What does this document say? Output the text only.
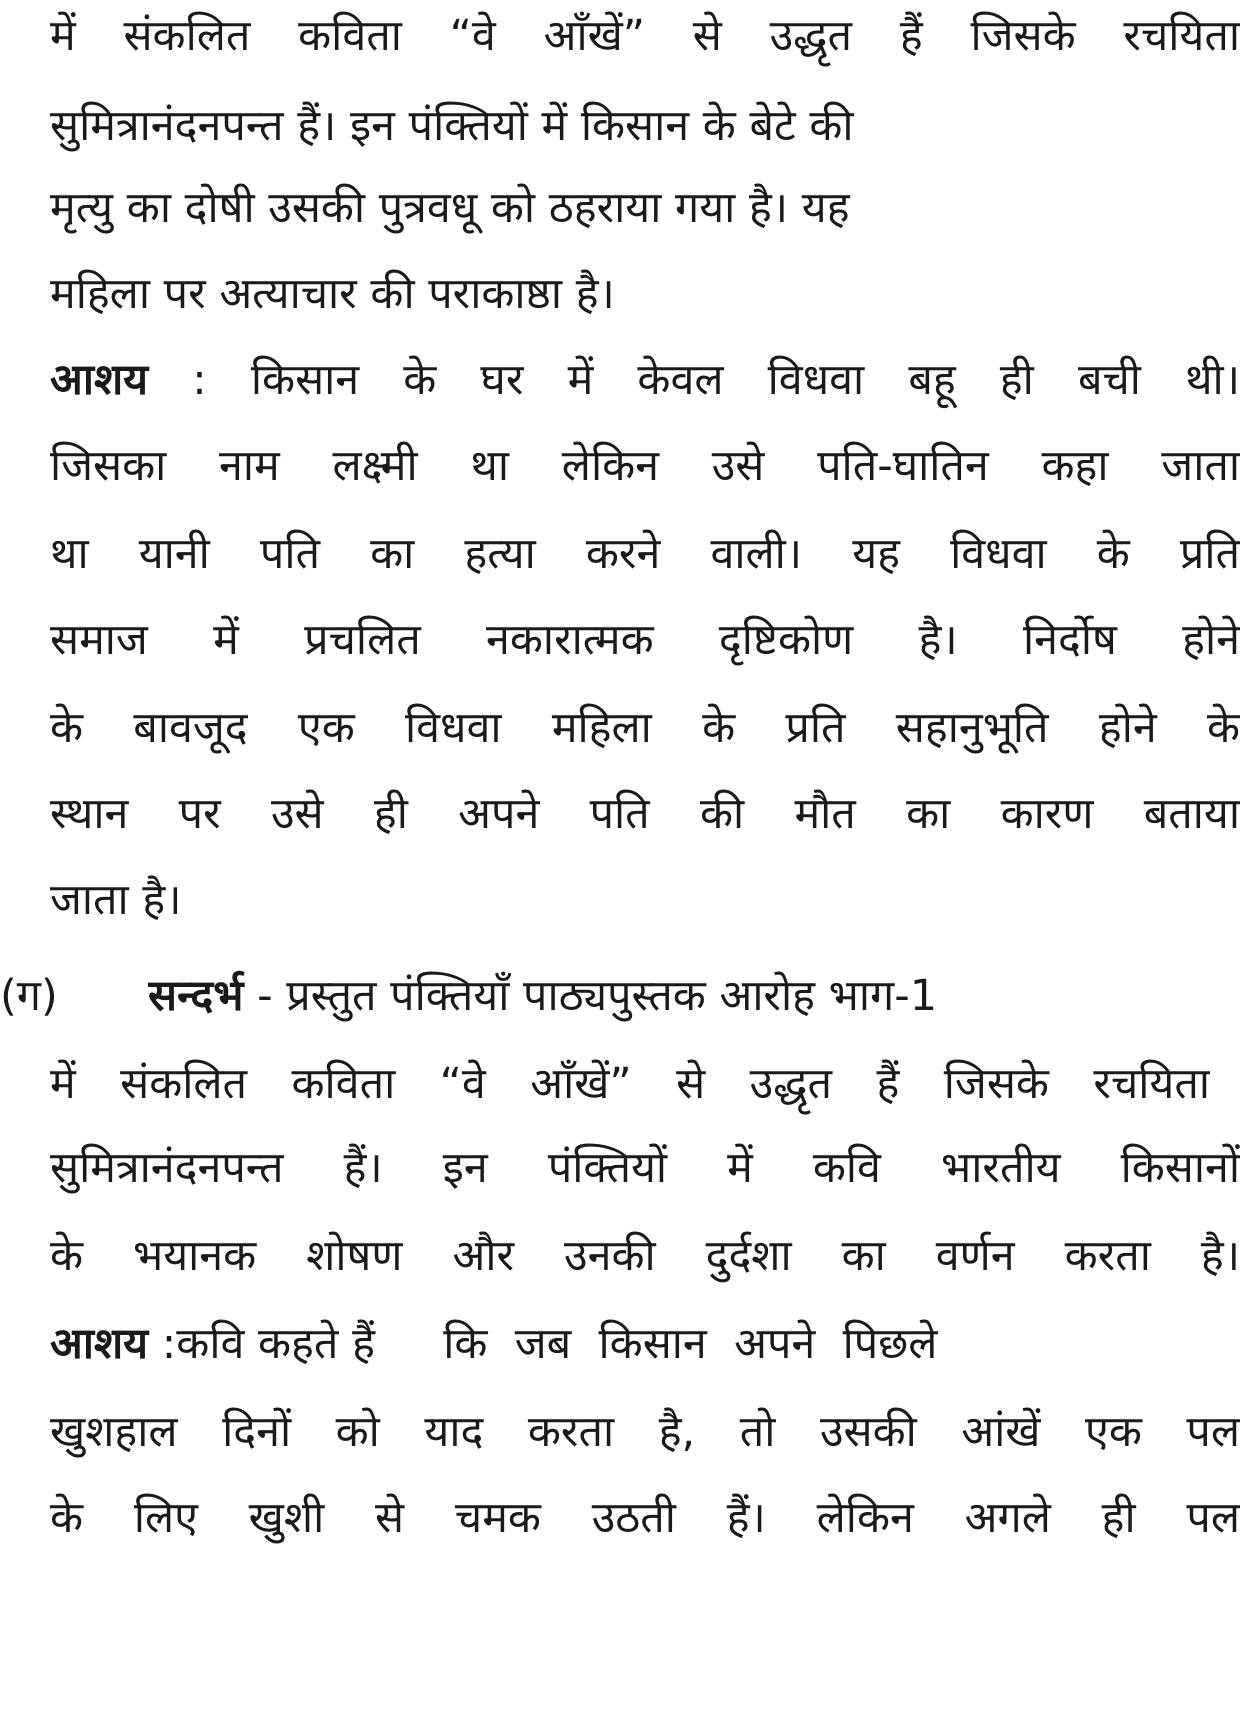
में संकलित कविता “वे आँखें” से उद्धृत हैं जिसके रचयिता
सुमित्रानंदनपन्त हैं। इन पंक्तियों में किसान के बेटे की
मृत्यु का दोषी उसकी पुत्रवधू को ठहराया गया है। यह
महिला पर अत्याचार की पराकाष्ठा है।
आशय : किसान के घर में केवल विधवा बहू ही बची थी।
जिसका नाम लक्ष्मी था लेकिन उसे पति-घातिन कहा जाता
था यानी पति का हत्या करने वाली। यह विधवा के प्रति
समाज में प्रचलित नकारात्मक दृष्टिकोण है। निर्दोष होने
के बावजूद एक विधवा महिला के प्रति सहानुभूति होने के
स्थान पर उसे ही अपने पति की मौत का कारण बताया
जाता है।
(ग) सन्दर्भ - प्रस्तुत पंक्तियाँ पाठ्यपुस्तक आरोह भाग-1
में संकलित कविता “वे आँखें” से उद्धृत हैं जिसके रचयिता
सुमित्रानंदनपन्त हैं। इन पंक्तियों में कवि भारतीय किसानों
के भयानक शोषण और उनकी दुर्दशा का वर्णन करता है।
आशय :कवि कहते हैं     कि  जब  किसान  अपने  पिछले
खुशहाल दिनों को याद करता है, तो उसकी आंखें एक पल
के लिए खुशी से चमक उठती हैं। लेकिन अगले ही पल
